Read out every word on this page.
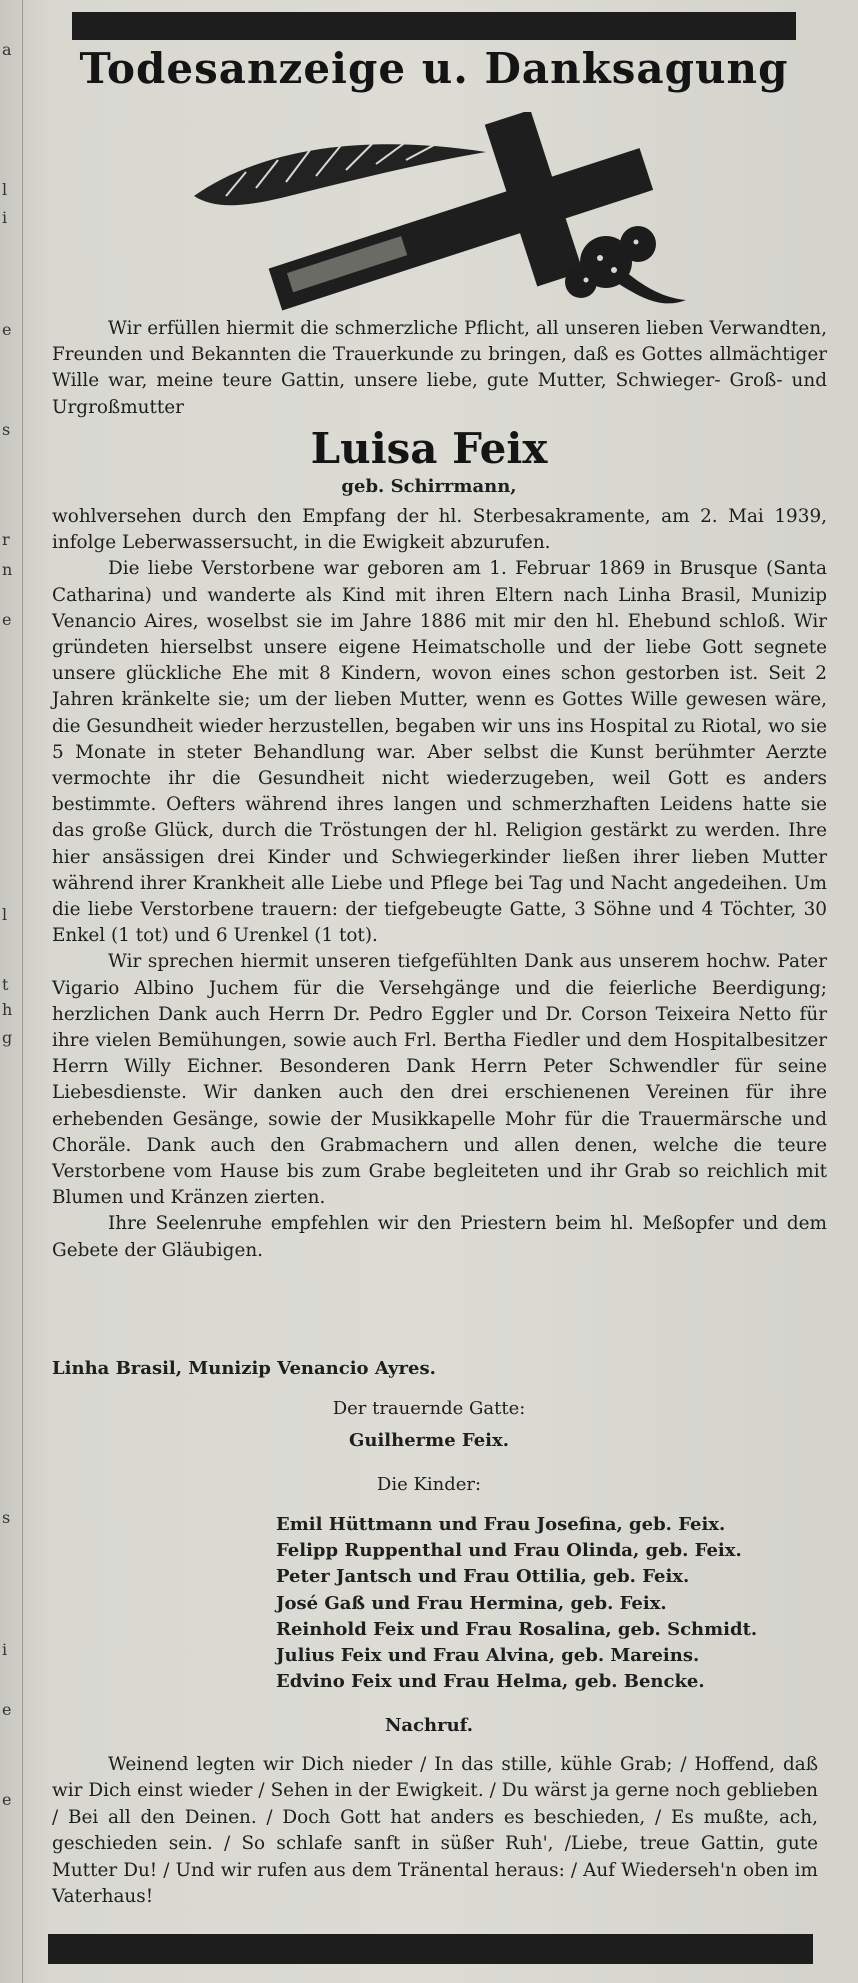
a
l
i
e
s
r
n
e
l
t
h
g
s
i
e
e
Todesanzeige u. Danksagung

Wir erfüllen hiermit die schmerzliche Pflicht, all unseren lieben Verwandten, Freunden und Bekannten die Trauerkunde zu bringen, daß es Gottes allmächtiger Wille war, meine teure Gattin, unsere liebe, gute Mutter, Schwieger- Groß- und Urgroßmutter

Luisa Feix
geb. Schirrmann,

wohlversehen durch den Empfang der hl. Sterbesakramente, am 2. Mai 1939, infolge Leberwassersucht, in die Ewigkeit abzurufen.

Die liebe Verstorbene war geboren am 1. Februar 1869 in Brusque (Santa Catharina) und wanderte als Kind mit ihren Eltern nach Linha Brasil, Munizip Venancio Aires, woselbst sie im Jahre 1886 mit mir den hl. Ehebund schloß. Wir gründeten hierselbst unsere eigene Heimatscholle und der liebe Gott segnete unsere glückliche Ehe mit 8 Kindern, wovon eines schon gestorben ist. Seit 2 Jahren kränkelte sie; um der lieben Mutter, wenn es Gottes Wille gewesen wäre, die Gesundheit wieder herzustellen, begaben wir uns ins Hospital zu Riotal, wo sie 5 Monate in steter Behandlung war. Aber selbst die Kunst berühmter Aerzte vermochte ihr die Gesundheit nicht wiederzugeben, weil Gott es anders bestimmte. Oefters während ihres langen und schmerzhaften Leidens hatte sie das große Glück, durch die Tröstungen der hl. Religion gestärkt zu werden. Ihre hier ansässigen drei Kinder und Schwiegerkinder ließen ihrer lieben Mutter während ihrer Krankheit alle Liebe und Pflege bei Tag und Nacht angedeihen. Um die liebe Verstorbene trauern: der tiefgebeugte Gatte, 3 Söhne und 4 Töchter, 30 Enkel (1 tot) und 6 Urenkel (1 tot).

Wir sprechen hiermit unseren tiefgefühlten Dank aus unserem hochw. Pater Vigario Albino Juchem für die Versehgänge und die feierliche Beerdigung; herzlichen Dank auch Herrn Dr. Pedro Eggler und Dr. Corson Teixeira Netto für ihre vielen Bemühungen, sowie auch Frl. Bertha Fiedler und dem Hospitalbesitzer Herrn Willy Eichner. Besonderen Dank Herrn Peter Schwendler für seine Liebesdienste. Wir danken auch den drei erschienenen Vereinen für ihre erhebenden Gesänge, sowie der Musikkapelle Mohr für die Trauermärsche und Choräle. Dank auch den Grabmachern und allen denen, welche die teure Verstorbene vom Hause bis zum Grabe begleiteten und ihr Grab so reichlich mit Blumen und Kränzen zierten.

Ihre Seelenruhe empfehlen wir den Priestern beim hl. Meßopfer und dem Gebete der Gläubigen.

Linha Brasil, Munizip Venancio Ayres.
Der trauernde Gatte:
Guilherme Feix.
Die Kinder:
Emil Hüttmann und Frau Josefina, geb. Feix.
Felipp Ruppenthal und Frau Olinda, geb. Feix.
Peter Jantsch und Frau Ottilia, geb. Feix.
José Gaß und Frau Hermina, geb. Feix.
Reinhold Feix und Frau Rosalina, geb. Schmidt.
Julius Feix und Frau Alvina, geb. Mareins.
Edvino Feix und Frau Helma, geb. Bencke.
Nachruf.

Weinend legten wir Dich nieder / In das stille, kühle Grab; / Hoffend, daß wir Dich einst wieder / Sehen in der Ewigkeit. / Du wärst ja gerne noch geblieben / Bei all den Deinen. / Doch Gott hat anders es beschieden, / Es mußte, ach, geschieden sein. / So schlafe sanft in süßer Ruh', /Liebe, treue Gattin, gute Mutter Du! / Und wir rufen aus dem Tränental heraus: / Auf Wiederseh'n oben im Vaterhaus!
